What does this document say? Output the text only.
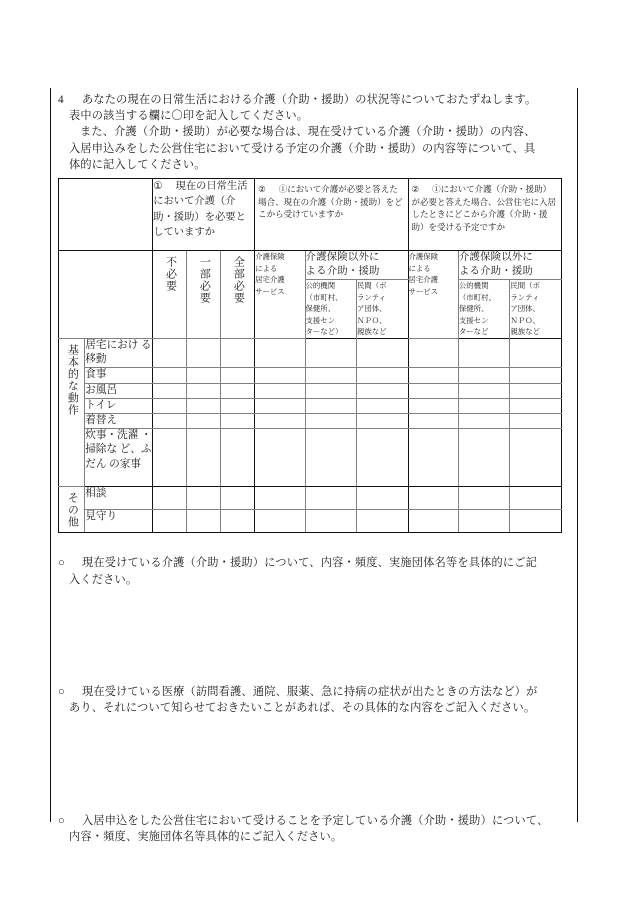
4 あなたの現在の日常生活における介護（介助・援助）の状況等についておたずねします。
表中の該当する欄に〇印を記入してください。
また、介護（介助・援助）が必要な場合は、現在受けている介護（介助・援助）の内容、
入居申込みをした公営住宅において受ける予定の介護（介助・援助）の内容等について、具
体的に記入してください。
		① 現在の日常生活において介護（介助・援助）を必要としていますか			② ①において介護が必要と答えた場合、現在の介護（介助・援助）をどこから受けていますか			② ①において介護（介助・援助）が必要と答えた場合、公営住宅に入居したときにどこから介護（介助・援助）を受ける予定ですか		

		不必要	一部必要	全部必要	介護保険
による
居宅介護
サービス	介護保険以外に
よる介助・援助		介護保険
による
居宅介護
サービス	介護保険以外に
よる介助・援助	

						公的機関
（市町村、
保健所、
支援セン
ターなど）	民間（ボ
ランティ
ア団体、
ＮＰＯ、
親族など		公的機関
（市町村、
保健所、
支援セン
ターなど	民間（ボ
ランティ
ア団体、
ＮＰＯ、
親族など

基本的な動作	居宅におけ る移動									
	食事									
	お風呂									
	トイレ									
	着替え									
	炊事・洗濯 ・掃除な ど、ふだん の家事									

その他	相談									
	見守り									
○ 現在受けている介護（介助・援助）について、内容・頻度、実施団体名等を具体的にご記
入ください。
○ 現在受けている医療（訪問看護、通院、服薬、急に持病の症状が出たときの方法など）が
あり、それについて知らせておきたいことがあれば、その具体的な内容をご記入ください。
○ 入居申込をした公営住宅において受けることを予定している介護（介助・援助）について、
内容・頻度、実施団体名等具体的にご記入ください。
